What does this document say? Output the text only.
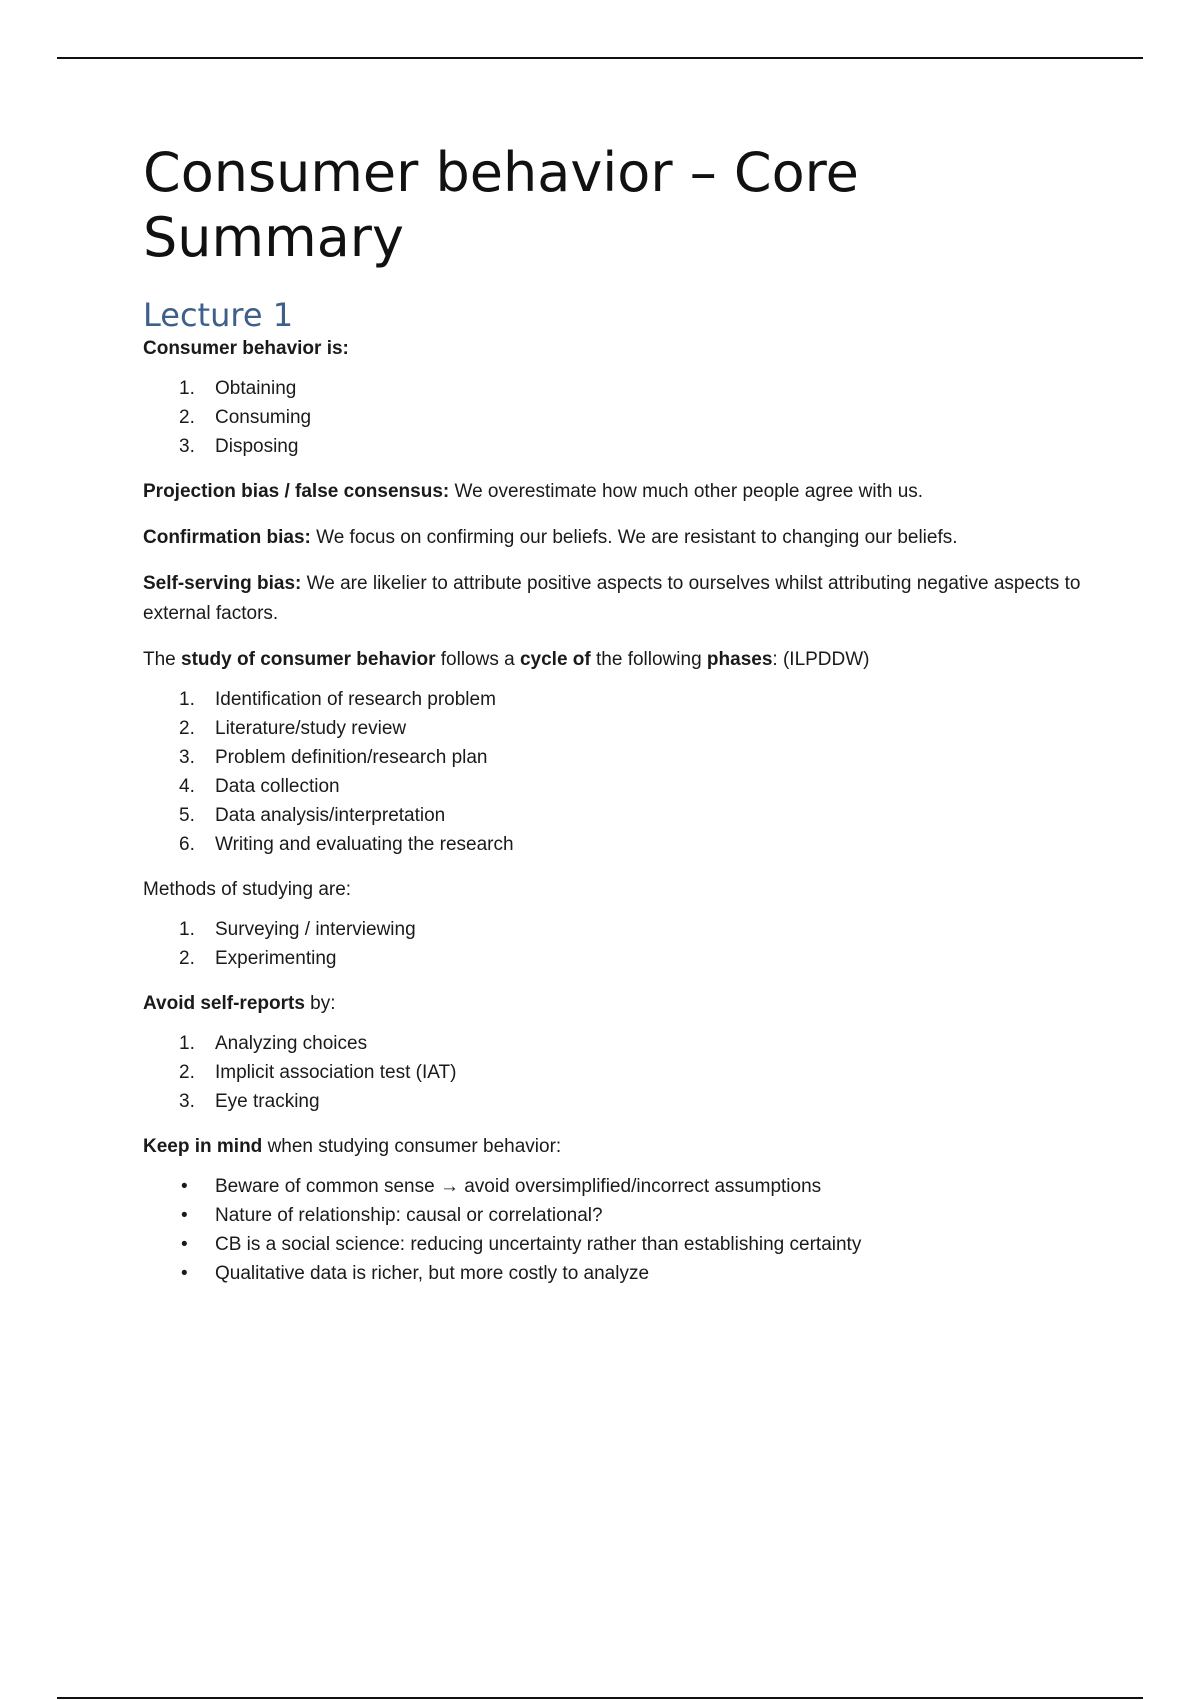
Consumer behavior – Core Summary
Lecture 1

Consumer behavior is:

1.	Obtaining
2.	Consuming
3.	Disposing

Projection bias / false consensus: We overestimate how much other people agree with us.

Confirmation bias: We focus on confirming our beliefs. We are resistant to changing our beliefs.

Self-serving bias: We are likelier to attribute positive aspects to ourselves whilst attributing negative aspects to external factors.

The study of consumer behavior follows a cycle of the following phases: (ILPDDW)

1.	Identification of research problem
2.	Literature/study review
3.	Problem definition/research plan
4.	Data collection
5.	Data analysis/interpretation
6.	Writing and evaluating the research

Methods of studying are:

1.	Surveying / interviewing
2.	Experimenting

Avoid self-reports by:

1.	Analyzing choices
2.	Implicit association test (IAT)
3.	Eye tracking

Keep in mind when studying consumer behavior:

•	Beware of common sense → avoid oversimplified/incorrect assumptions
•	Nature of relationship: causal or correlational?
•	CB is a social science: reducing uncertainty rather than establishing certainty
•	Qualitative data is richer, but more costly to analyze
